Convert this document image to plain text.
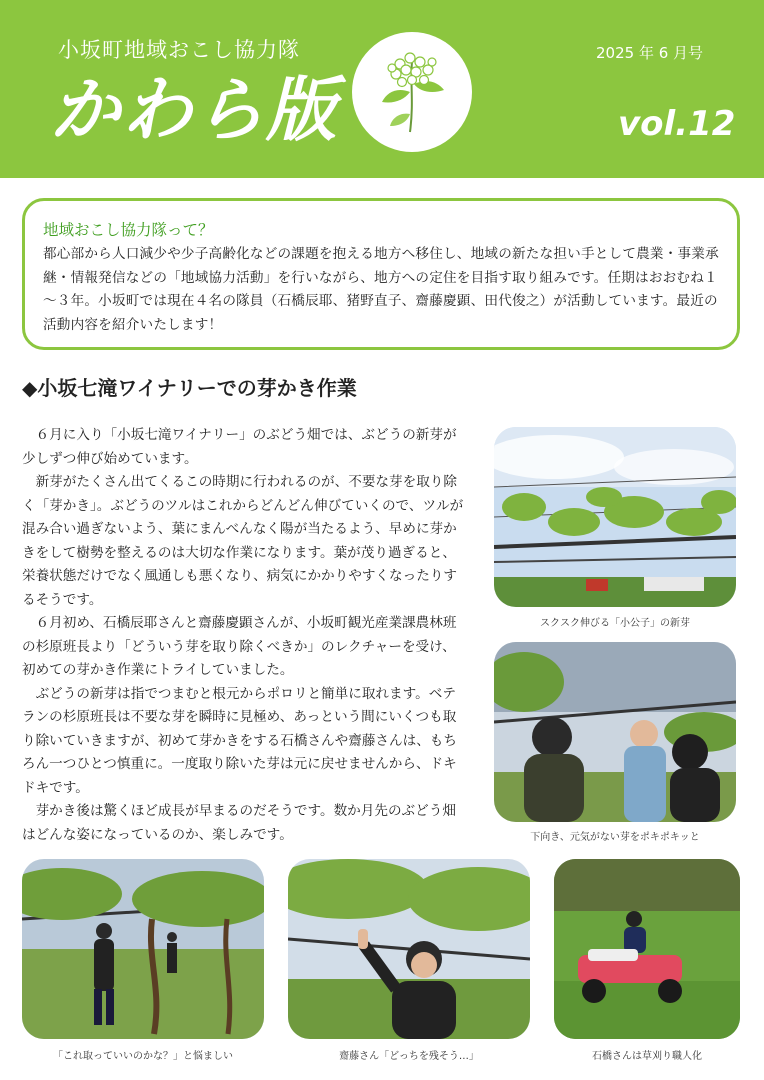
小坂町地域おこし協力隊
かわら版
2025 年 6 月号
vol.12
地域おこし協力隊って？

都心部から人口減少や少子高齢化などの課題を抱える地方へ移住し、地域の新たな担い手として農業・事業承継・情報発信などの「地域協力活動」を行いながら、地方への定住を目指す取り組みです。任期はおおむね１～３年。小坂町では現在４名の隊員（石橋辰耶、猪野直子、齋藤慶顕、田代俊之）が活動しています。最近の活動内容を紹介いたします！

◆小坂七滝ワイナリーでの芽かき作業

６月に入り「小坂七滝ワイナリー」のぶどう畑では、ぶどうの新芽が少しずつ伸び始めています。

新芽がたくさん出てくるこの時期に行われるのが、不要な芽を取り除く「芽かき」。ぶどうのツルはこれからどんどん伸びていくので、ツルが混み合い過ぎないよう、葉にまんべんなく陽が当たるよう、早めに芽かきをして樹勢を整えるのは大切な作業になります。葉が茂り過ぎると、栄養状態だけでなく風通しも悪くなり、病気にかかりやすくなったりするそうです。

６月初め、石橋辰耶さんと齋藤慶顕さんが、小坂町観光産業課農林班の杉原班長より「どういう芽を取り除くべきか」のレクチャーを受け、初めての芽かき作業にトライしていました。

ぶどうの新芽は指でつまむと根元からポロリと簡単に取れます。ベテランの杉原班長は不要な芽を瞬時に見極め、あっという間にいくつも取り除いていきますが、初めて芽かきをする石橋さんや齋藤さんは、もちろん一つひとつ慎重に。一度取り除いた芽は元に戻せませんから、ドキドキです。

芽かき後は驚くほど成長が早まるのだそうです。数か月先のぶどう畑はどんな姿になっているのか、楽しみです。

スクスク伸びる「小公子」の新芽
下向き、元気がない芽をポキポキッと
「これ取っていいのかな？」と悩ましい	齋藤さん「どっちを残そう…」	石橋さんは草刈り職人化
